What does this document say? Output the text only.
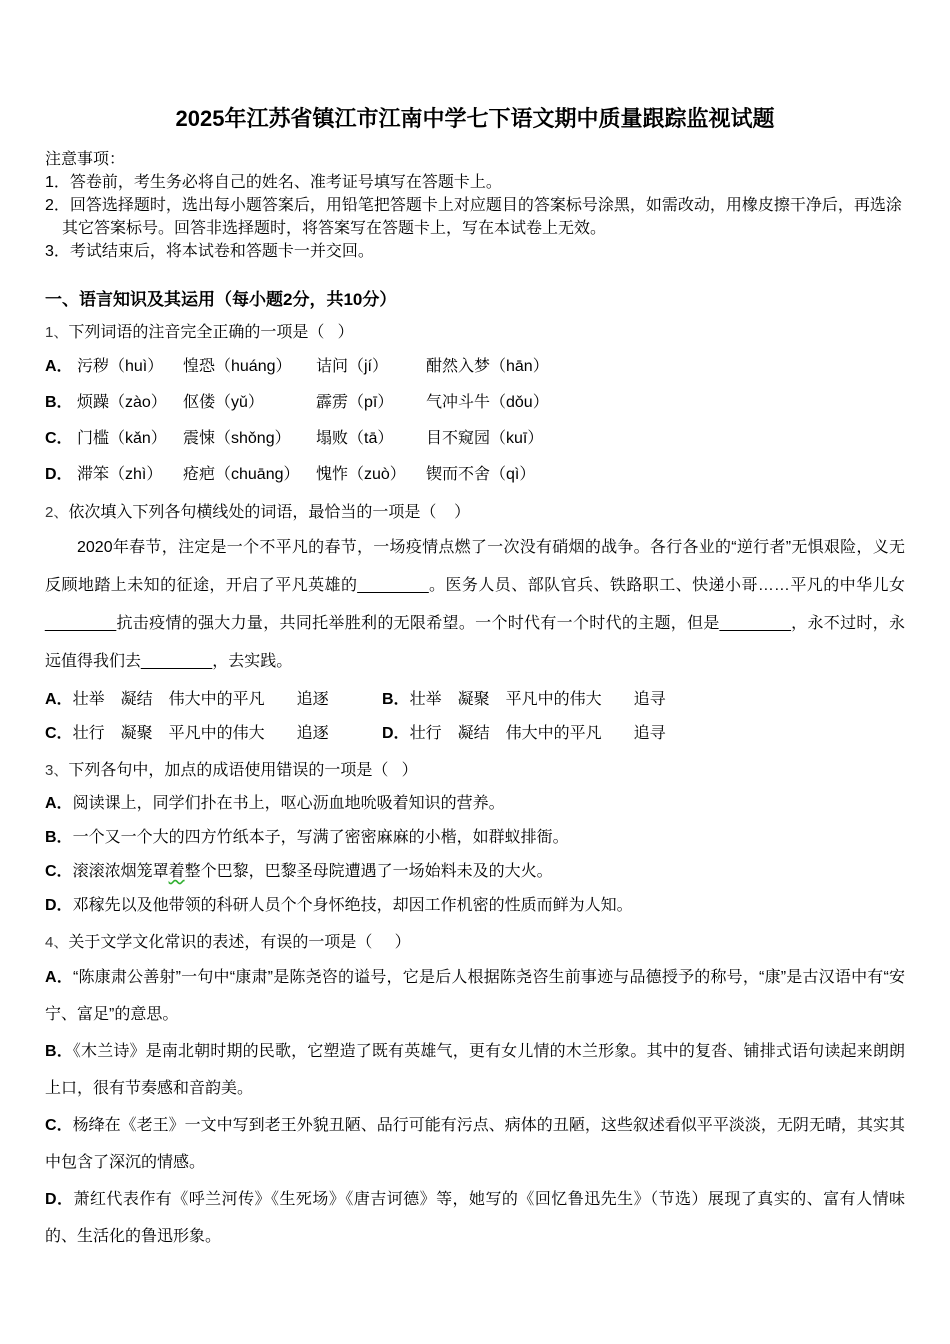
2025年江苏省镇江市江南中学七下语文期中质量跟踪监视试题
注意事项：
1．答卷前，考生务必将自己的姓名、准考证号填写在答题卡上。
2．回答选择题时，选出每小题答案后，用铅笔把答题卡上对应题目的答案标号涂黑，如需改动，用橡皮擦干净后，再选涂其它答案标号。回答非选择题时，将答案写在答题卡上，写在本试卷上无效。
3．考试结束后，将本试卷和答题卡一并交回。
一、语言知识及其运用（每小题2分，共10分）
1、下列词语的注音完全正确的一项是（   ）
A． 污秽（huì）	惶恐（huáng）	诘问（jí）	酣然入梦（hān）
B． 烦躁（zào）	伛偻（yǔ）	霹雳（pī）	气冲斗牛（dǒu）
C． 门槛（kǎn）	震悚（shǒng）	塌败（tā）	目不窥园（kuī）
D． 滞笨（zhì）	疮疤（chuāng）	愧怍（zuò）	锲而不舍（qì）
2、依次填入下列各句横线处的词语，最恰当的一项是（    ）
2020年春节，注定是一个不平凡的春节，一场疫情点燃了一次没有硝烟的战争。各行各业的“逆行者”无惧艰险，义无反顾地踏上未知的征途，开启了平凡英雄的________。医务人员、部队官兵、铁路职工、快递小哥……平凡的中华儿女________抗击疫情的强大力量，共同托举胜利的无限希望。一个时代有一个时代的主题，但是________，永不过时，永远值得我们去________，去实践。
A．壮举　凝结　伟大中的平凡　　追逐	B．壮举　凝聚　平凡中的伟大　　追寻
C．壮行　凝聚　平凡中的伟大　　追逐	D．壮行　凝结　伟大中的平凡　　追寻
3、下列各句中，加点的成语使用错误的一项是（   ）
A．阅读课上，同学们扑在书上，呕心沥血地吮吸着知识的营养。
B．一个又一个大的四方竹纸本子，写满了密密麻麻的小楷，如群蚁排衙。
C．滚滚浓烟笼罩着整个巴黎，巴黎圣母院遭遇了一场始料未及的大火。
D．邓稼先以及他带领的科研人员个个身怀绝技，却因工作机密的性质而鲜为人知。
4、关于文学文化常识的表述，有误的一项是（     ）
A．“陈康肃公善射”一句中“康肃”是陈尧咨的谥号，它是后人根据陈尧咨生前事迹与品德授予的称号，“康”是古汉语中有“安宁、富足”的意思。
B．《木兰诗》是南北朝时期的民歌，它塑造了既有英雄气，更有女儿情的木兰形象。其中的复沓、铺排式语句读起来朗朗上口，很有节奏感和音韵美。
C．杨绛在《老王》一文中写到老王外貌丑陋、品行可能有污点、病体的丑陋，这些叙述看似平平淡淡，无阴无晴，其实其中包含了深沉的情感。
D．萧红代表作有《呼兰河传》《生死场》《唐吉诃德》等，她写的《回忆鲁迅先生》（节选）展现了真实的、富有人情味的、生活化的鲁迅形象。
